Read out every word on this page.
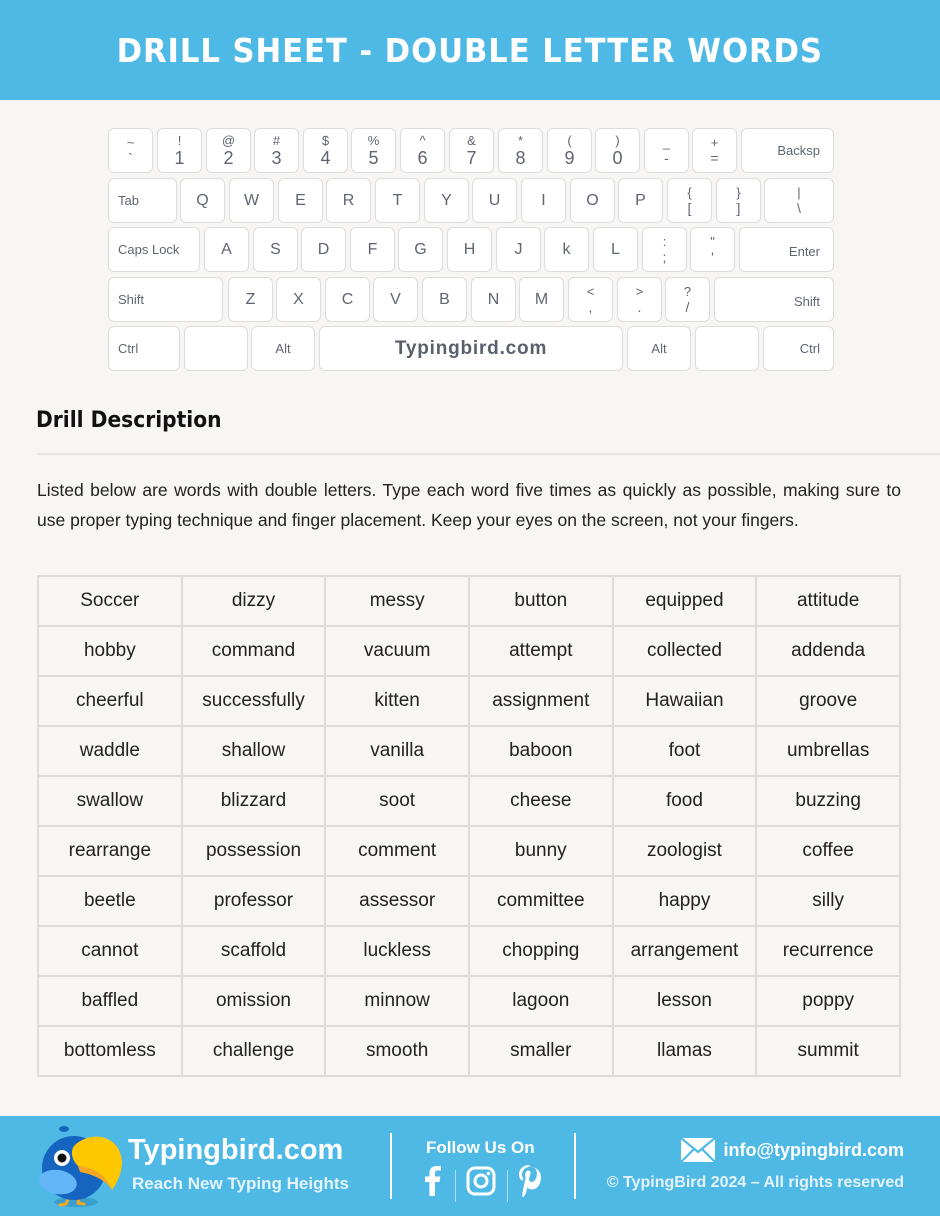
DRILL SHEET - DOUBLE LETTER WORDS
~
`
!
1
@
2
#
3
$
4
%
5
^
6
&
7
*
8
(
9
)
0
_
-
+
=	Backsp
Tab	Q	W	E	R	T	Y	U	I	O	P	{
[
}
]
|
\
Caps Lock	A	S	D	F	G	H	J	k	L	:
;
"
'	Enter
Shift	Z	X	C	V	B	N	M	<
,
>
.
?
/	Shift
Ctrl	Alt	Typingbird.com	Alt	Ctrl
Drill Description

Listed below are words with double letters. Type each word five times as quickly as possible, making sure to use proper typing technique and finger placement. Keep your eyes on the screen, not your fingers.

Soccer	dizzy	messy	button	equipped	attitude
hobby	command	vacuum	attempt	collected	addenda
cheerful	successfully	kitten	assignment	Hawaiian	groove
waddle	shallow	vanilla	baboon	foot	umbrellas
swallow	blizzard	soot	cheese	food	buzzing
rearrange	possession	comment	bunny	zoologist	coffee
beetle	professor	assessor	committee	happy	silly
cannot	scaffold	luckless	chopping	arrangement	recurrence
baffled	omission	minnow	lagoon	lesson	poppy
bottomless	challenge	smooth	smaller	llamas	summit
Typingbird.com
Reach New Typing Heights
Follow Us On	info@typingbird.com
© TypingBird 2024 – All rights reserved
